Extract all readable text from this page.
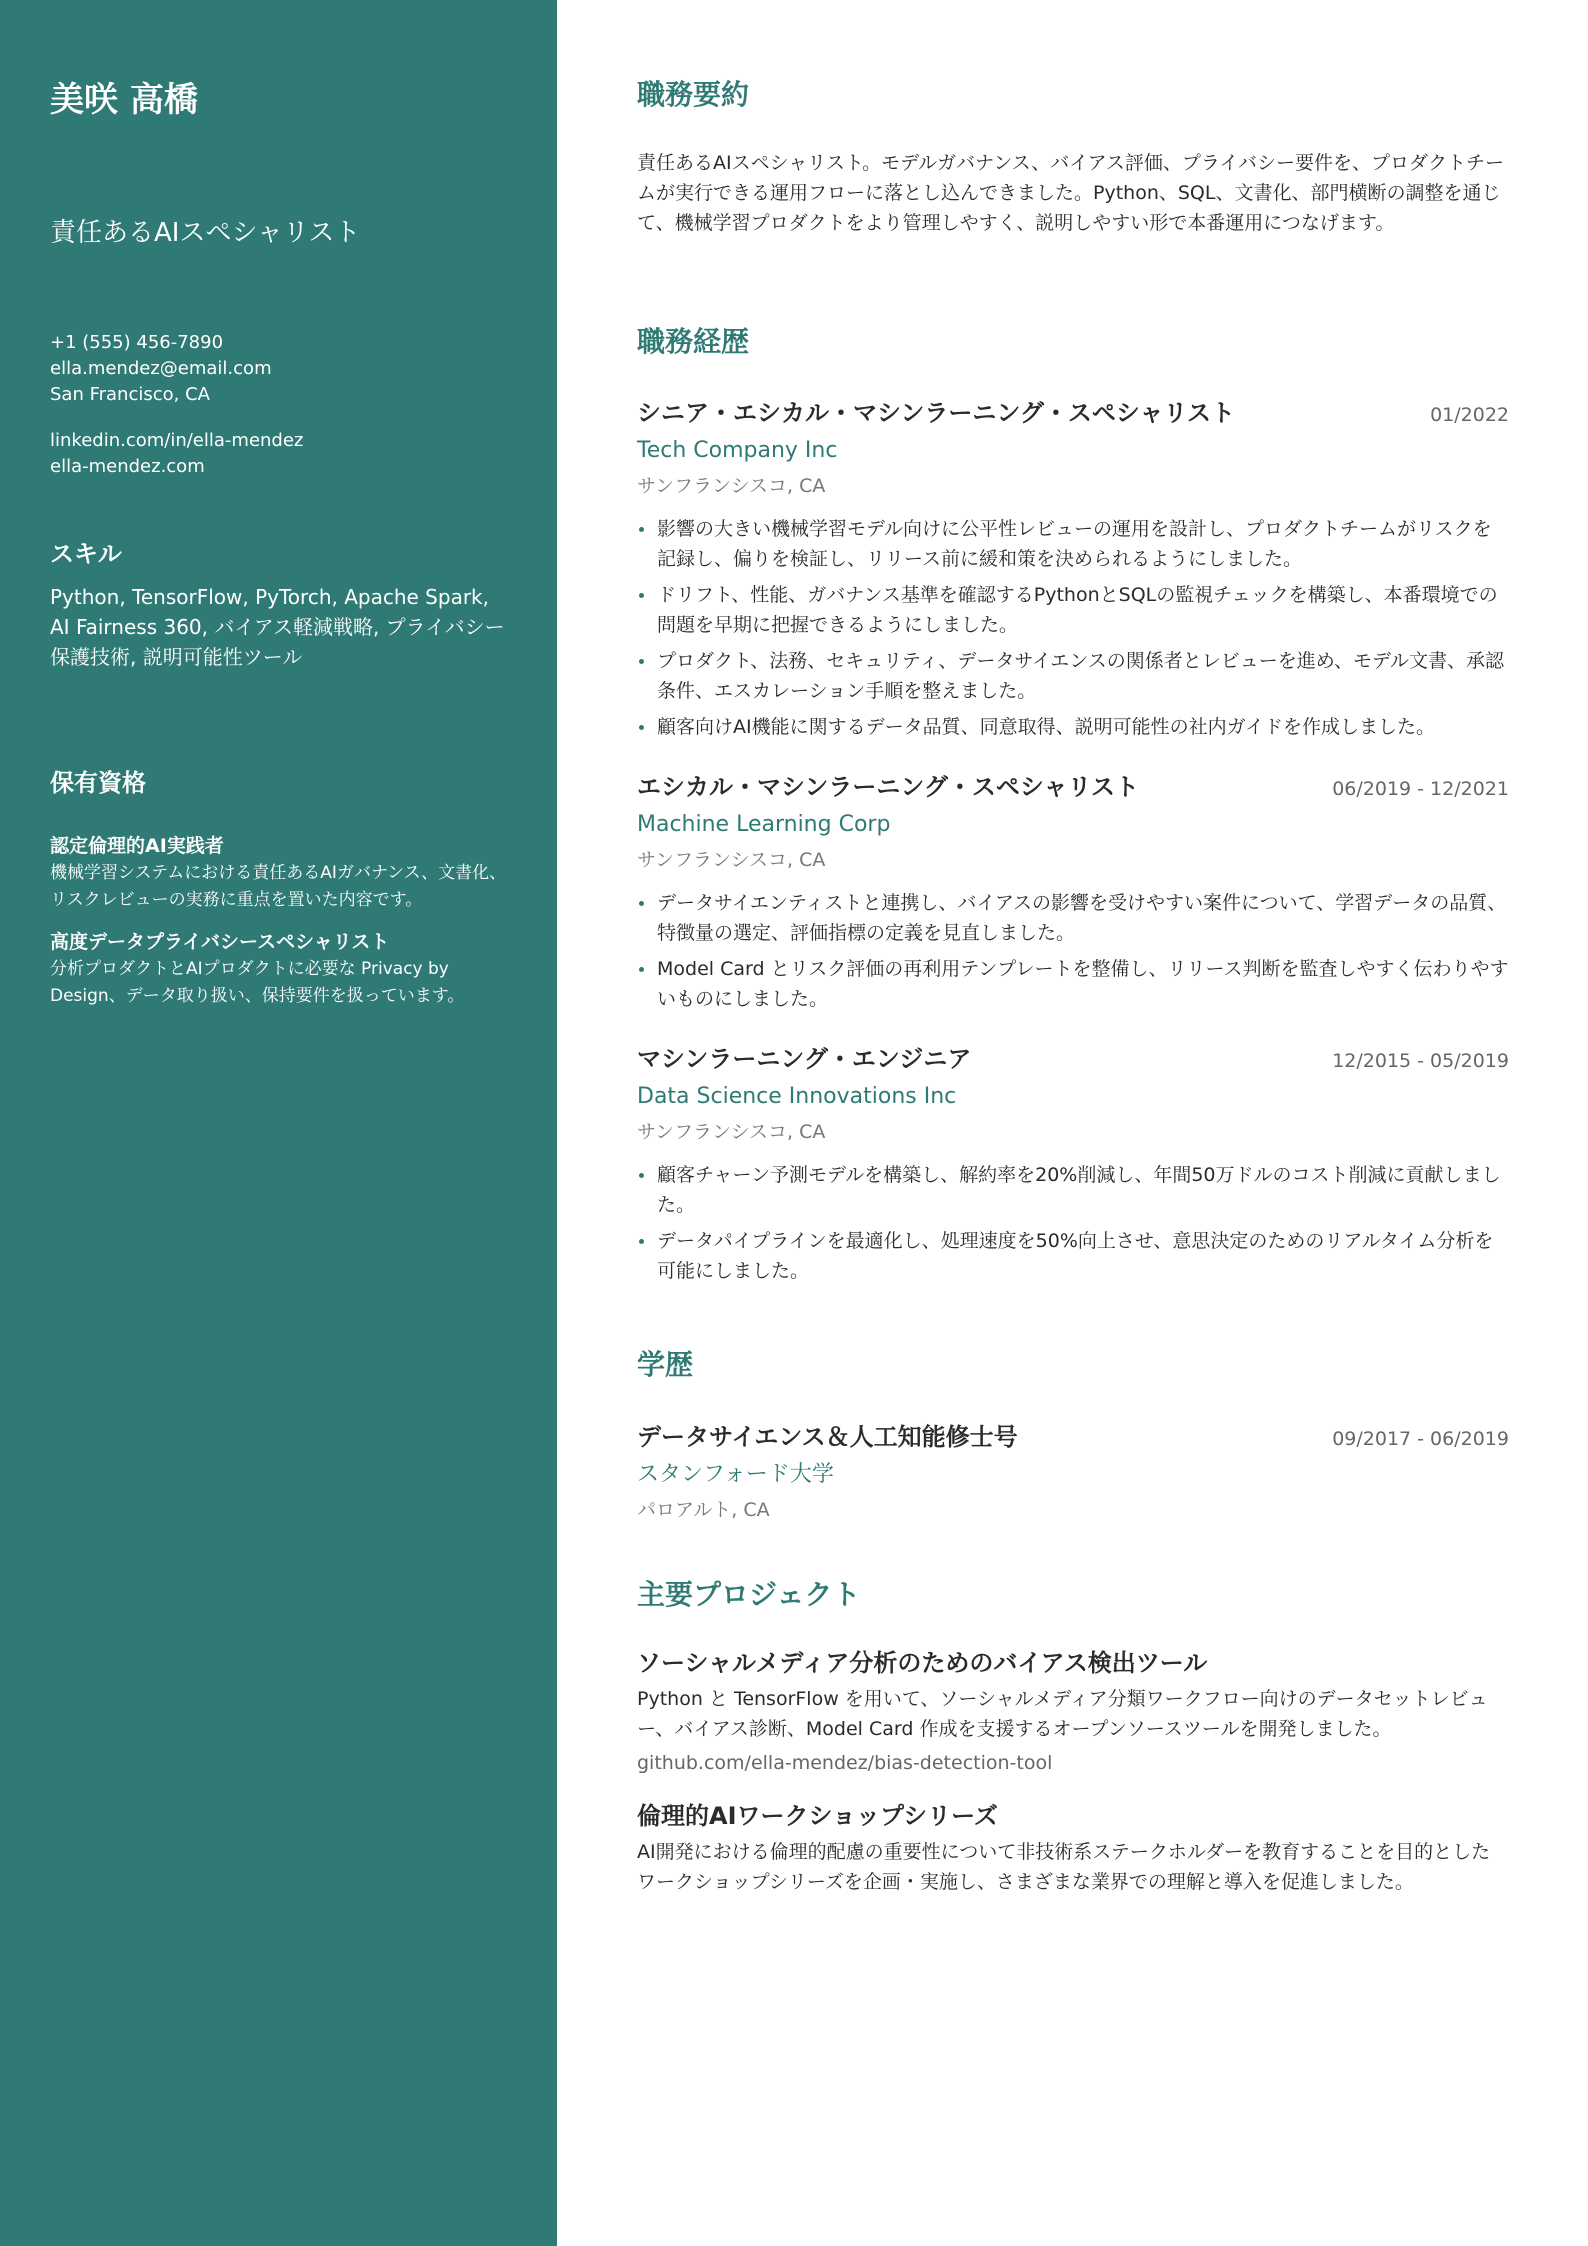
美咲 高橋
責任あるAIスペシャリスト
+1 (555) 456-7890
ella.mendez@email.com
San Francisco, CA
linkedin.com/in/ella-mendez
ella-mendez.com
スキル
Python, TensorFlow, PyTorch, Apache Spark, AI Fairness 360, バイアス軽減戦略, プライバシー保護技術, 説明可能性ツール
保有資格
認定倫理的AI実践者
機械学習システムにおける責任あるAIガバナンス、文書化、リスクレビューの実務に重点を置いた内容です。
高度データプライバシースペシャリスト
分析プロダクトとAIプロダクトに必要な Privacy by Design、データ取り扱い、保持要件を扱っています。
職務要約
責任あるAIスペシャリスト。モデルガバナンス、バイアス評価、プライバシー要件を、プロダクトチームが実行できる運用フローに落とし込んできました。Python、SQL、文書化、部門横断の調整を通じて、機械学習プロダクトをより管理しやすく、説明しやすい形で本番運用につなげます。
職務経歴
シニア・エシカル・マシンラーニング・スペシャリスト	01/2022
Tech Company Inc
サンフランシスコ, CA
影響の大きい機械学習モデル向けに公平性レビューの運用を設計し、プロダクトチームがリスクを記録し、偏りを検証し、リリース前に緩和策を決められるようにしました。
ドリフト、性能、ガバナンス基準を確認するPythonとSQLの監視チェックを構築し、本番環境での問題を早期に把握できるようにしました。
プロダクト、法務、セキュリティ、データサイエンスの関係者とレビューを進め、モデル文書、承認条件、エスカレーション手順を整えました。
顧客向けAI機能に関するデータ品質、同意取得、説明可能性の社内ガイドを作成しました。
エシカル・マシンラーニング・スペシャリスト	06/2019 - 12/2021
Machine Learning Corp
サンフランシスコ, CA
データサイエンティストと連携し、バイアスの影響を受けやすい案件について、学習データの品質、特徴量の選定、評価指標の定義を見直しました。
Model Card とリスク評価の再利用テンプレートを整備し、リリース判断を監査しやすく伝わりやすいものにしました。
マシンラーニング・エンジニア	12/2015 - 05/2019
Data Science Innovations Inc
サンフランシスコ, CA
顧客チャーン予測モデルを構築し、解約率を20%削減し、年間50万ドルのコスト削減に貢献しました。
データパイプラインを最適化し、処理速度を50%向上させ、意思決定のためのリアルタイム分析を可能にしました。
学歴
データサイエンス＆人工知能修士号	09/2017 - 06/2019
スタンフォード大学
パロアルト, CA
主要プロジェクト
ソーシャルメディア分析のためのバイアス検出ツール
Python と TensorFlow を用いて、ソーシャルメディア分類ワークフロー向けのデータセットレビュー、バイアス診断、Model Card 作成を支援するオープンソースツールを開発しました。
github.com/ella-mendez/bias-detection-tool
倫理的AIワークショップシリーズ
AI開発における倫理的配慮の重要性について非技術系ステークホルダーを教育することを目的としたワークショップシリーズを企画・実施し、さまざまな業界での理解と導入を促進しました。
